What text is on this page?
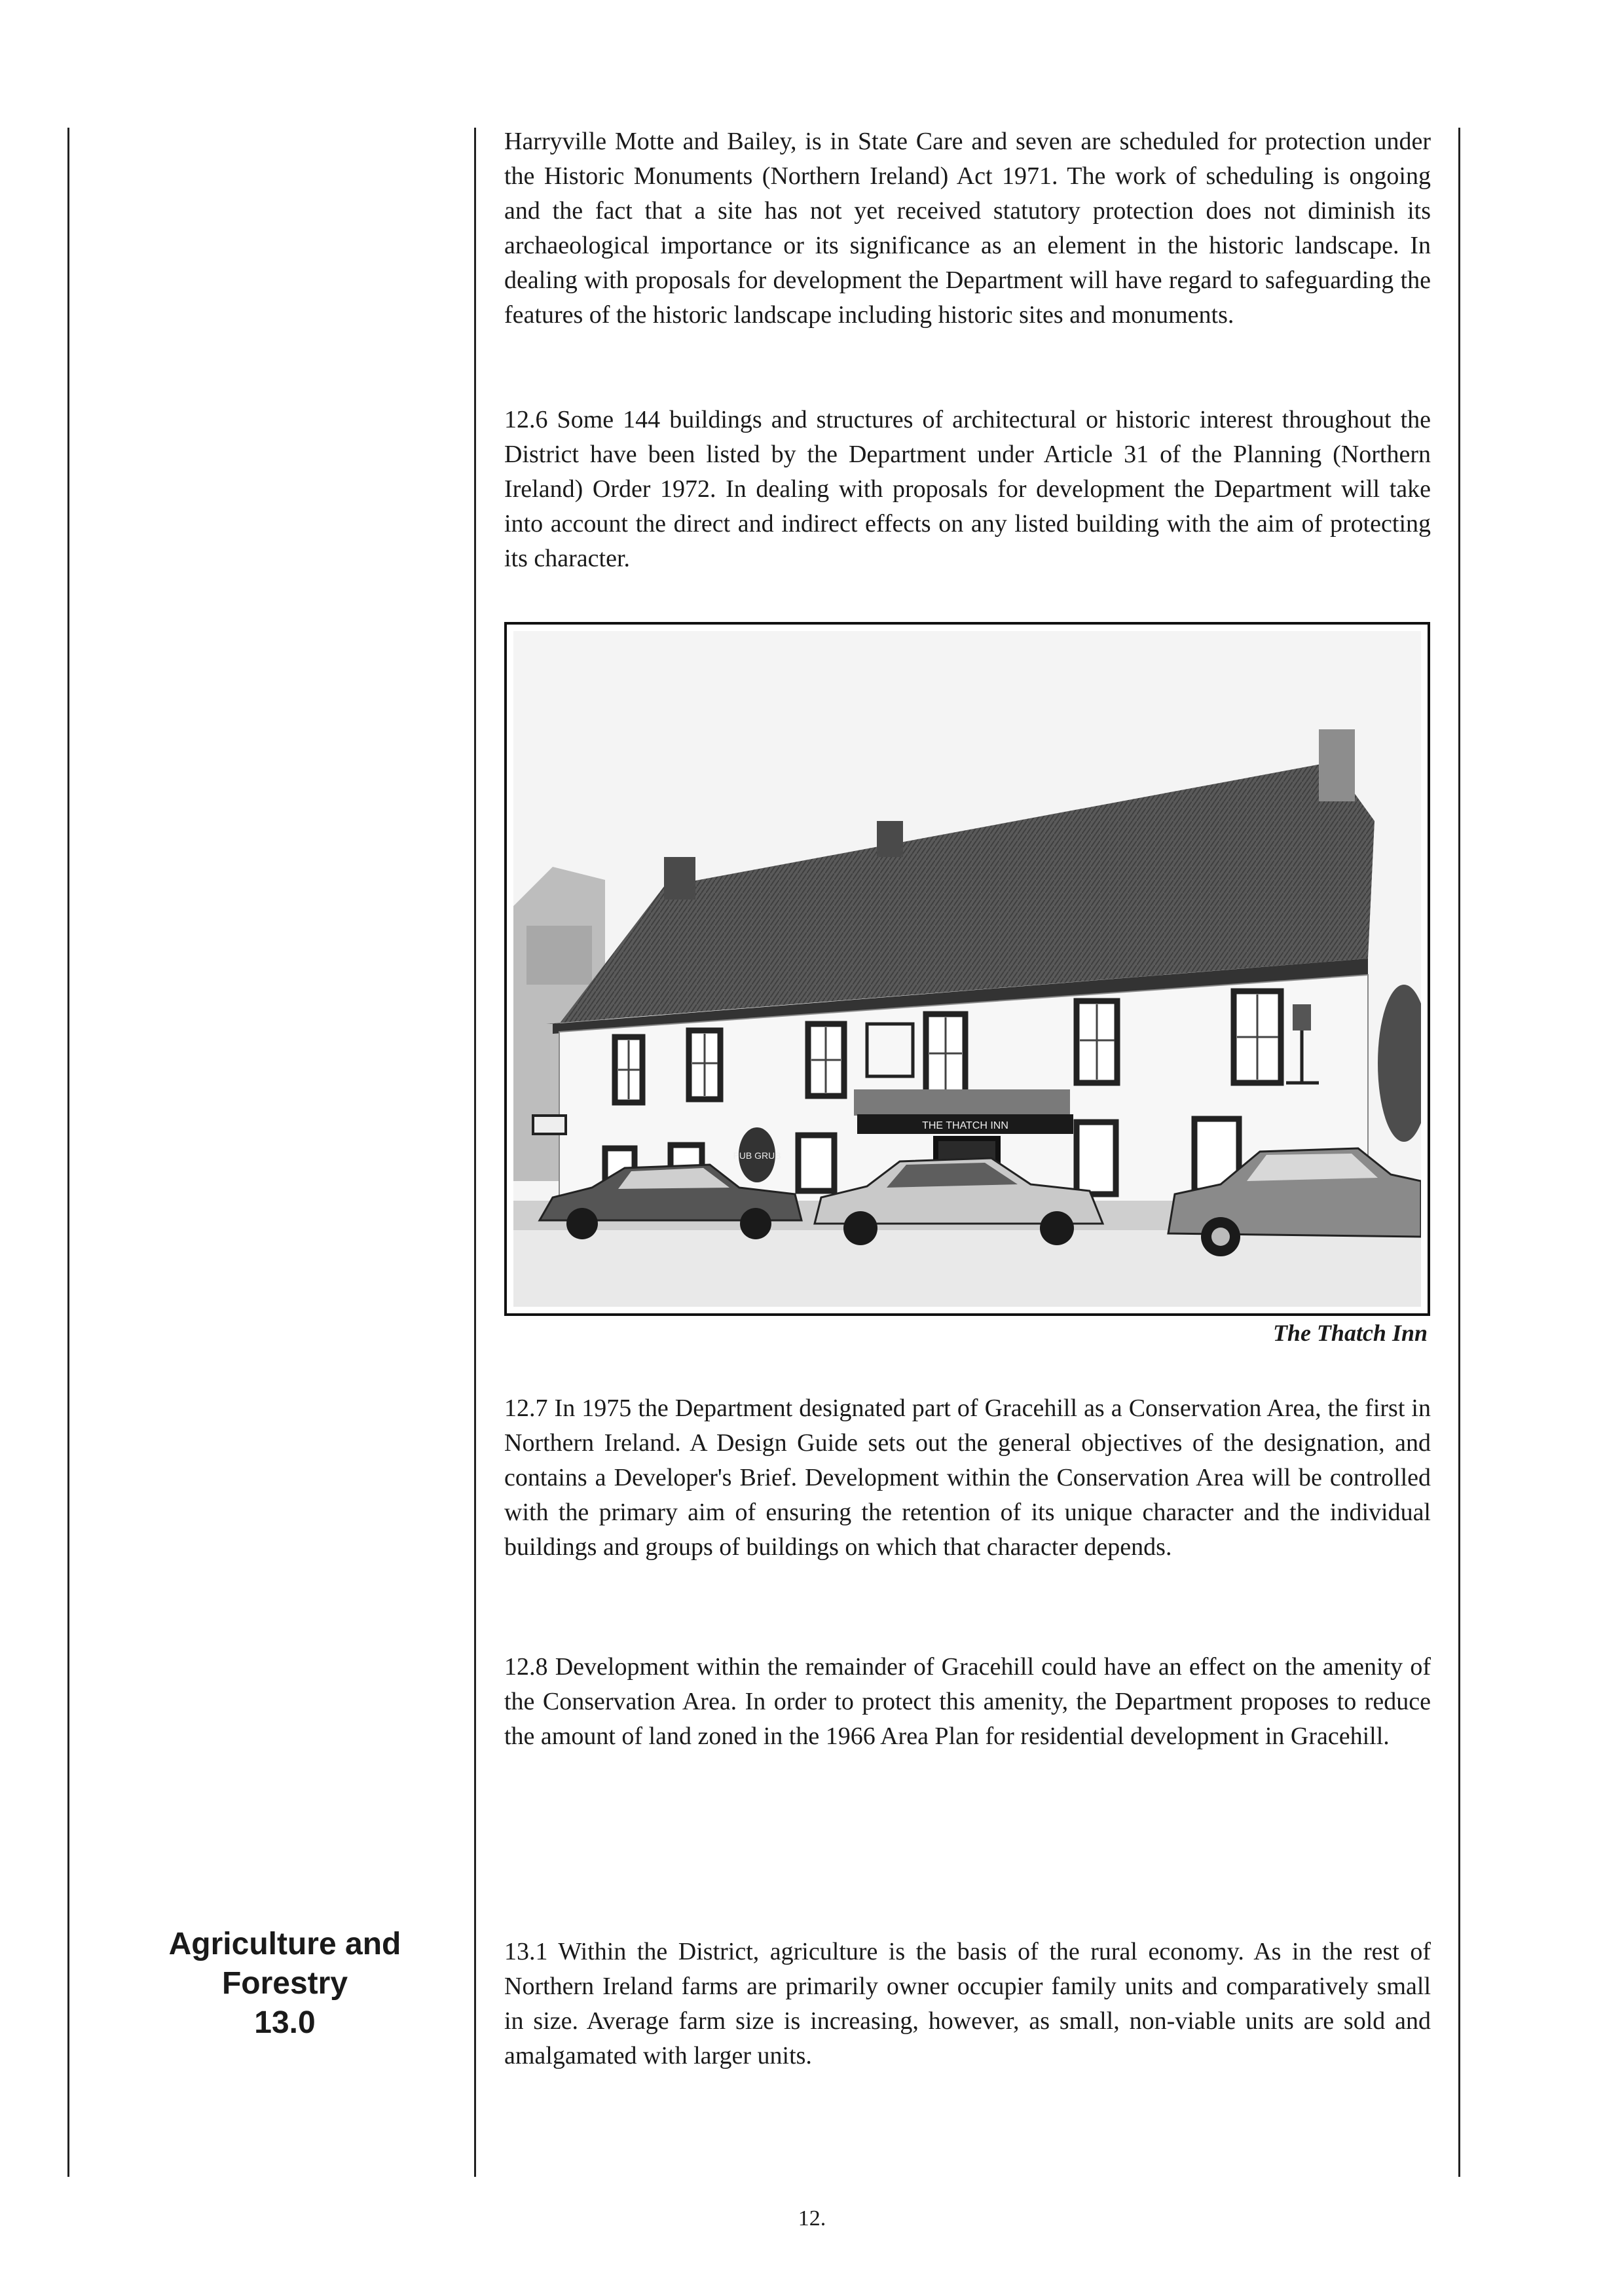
Harryville Motte and Bailey, is in State Care and seven are scheduled for protection under the Historic Monuments (Northern Ireland) Act 1971. The work of scheduling is ongoing and the fact that a site has not yet received statutory protection does not diminish its archaeological importance or its significance as an element in the historic landscape. In dealing with proposals for development the Department will have regard to safeguarding the features of the historic landscape including historic sites and monuments.

12.6 Some 144 buildings and structures of architectural or historic interest throughout the District have been listed by the Department under Article 31 of the Planning (Northern Ireland) Order 1972. In dealing with proposals for development the Department will take into account the direct and indirect effects on any listed building with the aim of protecting its character.

THE THATCH INN
PUB GRUB
The Thatch Inn

12.7 In 1975 the Department designated part of Gracehill as a Conservation Area, the first in Northern Ireland. A Design Guide sets out the general objectives of the designation, and contains a Developer's Brief. Development within the Conservation Area will be controlled with the primary aim of ensuring the retention of its unique character and the individual buildings and groups of buildings on which that character depends.

12.8 Development within the remainder of Gracehill could have an effect on the amenity of the Conservation Area. In order to protect this amenity, the Department proposes to reduce the amount of land zoned in the 1966 Area Plan for residential development in Gracehill.

Agriculture and
Forestry
13.0

13.1 Within the District, agriculture is the basis of the rural economy. As in the rest of Northern Ireland farms are primarily owner occupier family units and comparatively small in size. Average farm size is increasing, however, as small, non-viable units are sold and amalgamated with larger units.

12.
